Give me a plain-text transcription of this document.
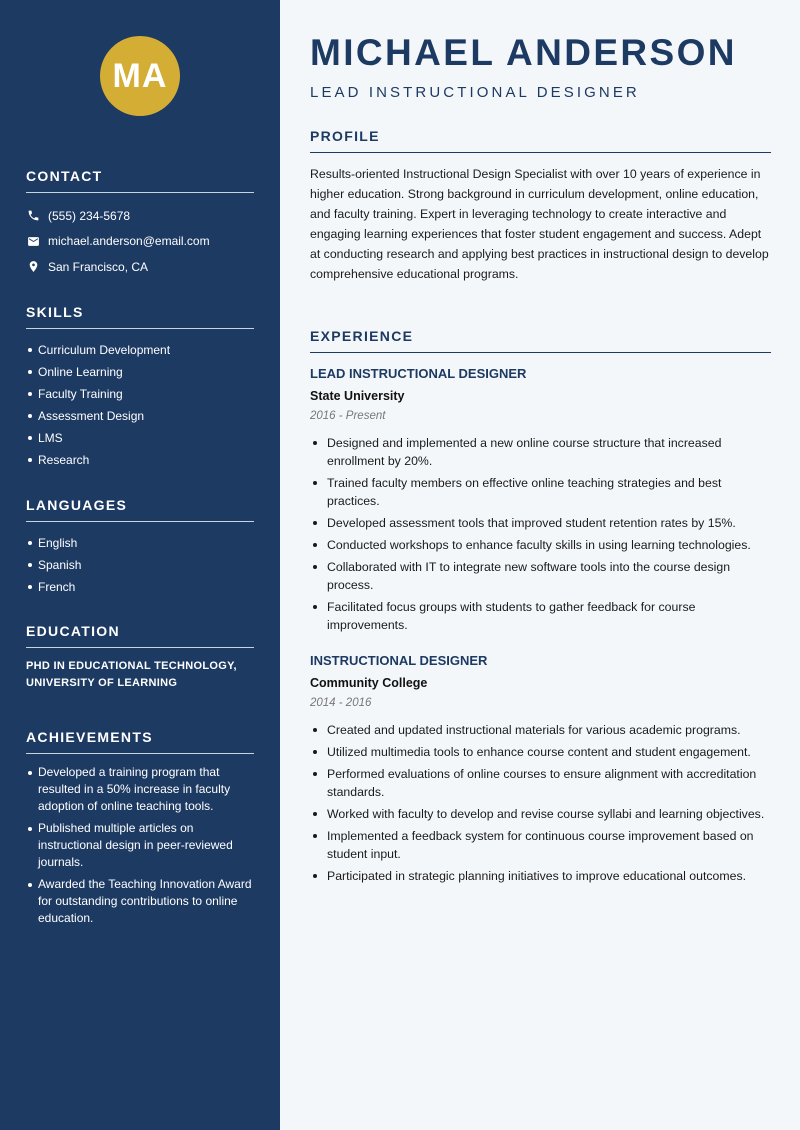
MA
CONTACT
(555) 234-5678
michael.anderson@email.com
San Francisco, CA
SKILLS
Curriculum Development
Online Learning
Faculty Training
Assessment Design
LMS
Research
LANGUAGES
English
Spanish
French
EDUCATION
PHD IN EDUCATIONAL TECHNOLOGY, UNIVERSITY OF LEARNING
ACHIEVEMENTS
Developed a training program that resulted in a 50% increase in faculty adoption of online teaching tools.
Published multiple articles on instructional design in peer-reviewed journals.
Awarded the Teaching Innovation Award for outstanding contributions to online education.
MICHAEL ANDERSON
LEAD INSTRUCTIONAL DESIGNER
PROFILE

Results-oriented Instructional Design Specialist with over 10 years of experience in higher education. Strong background in curriculum development, online education, and faculty training. Expert in leveraging technology to create interactive and engaging learning experiences that foster student engagement and success. Adept at conducting research and applying best practices in instructional design to develop comprehensive educational programs.

EXPERIENCE
LEAD INSTRUCTIONAL DESIGNER
State University
2016 - Present
Designed and implemented a new online course structure that increased enrollment by 20%.
Trained faculty members on effective online teaching strategies and best practices.
Developed assessment tools that improved student retention rates by 15%.
Conducted workshops to enhance faculty skills in using learning technologies.
Collaborated with IT to integrate new software tools into the course design process.
Facilitated focus groups with students to gather feedback for course improvements.
INSTRUCTIONAL DESIGNER
Community College
2014 - 2016
Created and updated instructional materials for various academic programs.
Utilized multimedia tools to enhance course content and student engagement.
Performed evaluations of online courses to ensure alignment with accreditation standards.
Worked with faculty to develop and revise course syllabi and learning objectives.
Implemented a feedback system for continuous course improvement based on student input.
Participated in strategic planning initiatives to improve educational outcomes.
